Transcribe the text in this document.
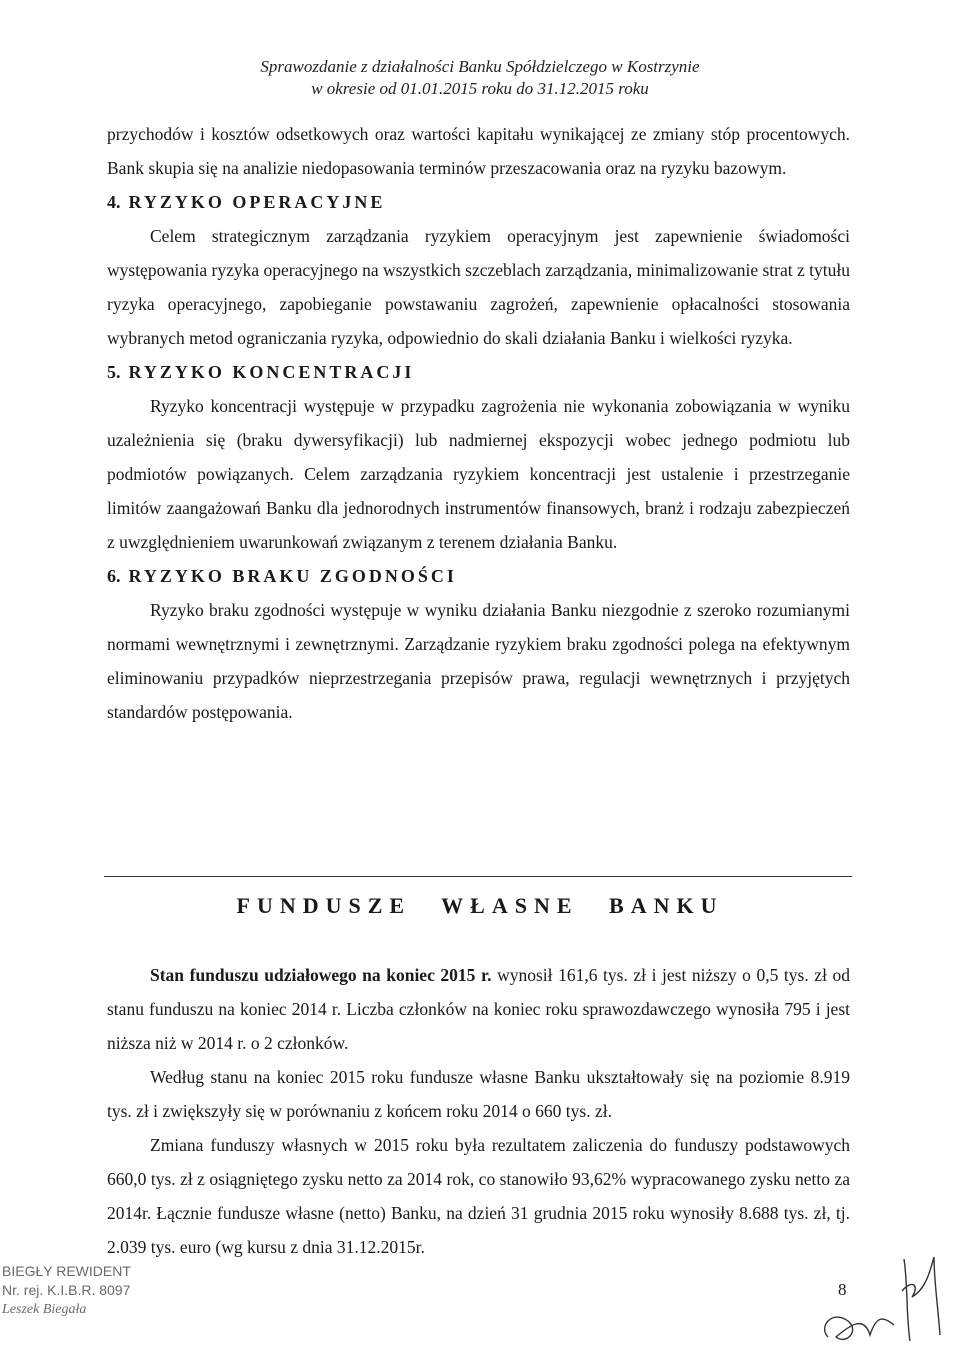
Sprawozdanie z działalności Banku Spółdzielczego w Kostrzynie
w okresie od 01.01.2015 roku do 31.12.2015 roku

przychodów i kosztów odsetkowych oraz wartości kapitału wynikającej ze zmiany stóp procentowych. Bank skupia się na analizie niedopasowania terminów przeszacowania oraz na ryzyku bazowym.

4. RYZYKO OPERACYJNE

Celem strategicznym zarządzania ryzykiem operacyjnym jest zapewnienie świadomości występowania ryzyka operacyjnego na wszystkich szczeblach zarządzania, minimalizowanie strat z tytułu ryzyka operacyjnego, zapobieganie powstawaniu zagrożeń, zapewnienie opłacalności stosowania wybranych metod ograniczania ryzyka, odpowiednio do skali działania Banku i wielkości ryzyka.

5. RYZYKO KONCENTRACJI

Ryzyko koncentracji występuje w przypadku zagrożenia nie wykonania zobowiązania w wyniku uzależnienia się (braku dywersyfikacji) lub nadmiernej ekspozycji wobec jednego podmiotu lub podmiotów powiązanych. Celem zarządzania ryzykiem koncentracji jest ustalenie i przestrzeganie limitów zaangażowań Banku dla jednorodnych instrumentów finansowych, branż i rodzaju zabezpieczeń z uwzględnieniem uwarunkowań związanym z terenem działania Banku.

6. RYZYKO BRAKU ZGODNOŚCI

Ryzyko braku zgodności występuje w wyniku działania Banku niezgodnie z szeroko rozumianymi normami wewnętrznymi i zewnętrznymi. Zarządzanie ryzykiem braku zgodności polega na efektywnym eliminowaniu przypadków nieprzestrzegania przepisów prawa, regulacji wewnętrznych i przyjętych standardów postępowania.

FUNDUSZE WŁASNE BANKU

Stan funduszu udziałowego na koniec 2015 r. wynosił 161,6 tys. zł i jest niższy o 0,5 tys. zł od stanu funduszu na koniec 2014 r. Liczba członków na koniec roku sprawozdawczego wynosiła 795 i jest niższa niż w 2014 r. o 2 członków.

Według stanu na koniec 2015 roku fundusze własne Banku ukształtowały się na poziomie 8.919 tys. zł i zwiększyły się w porównaniu z końcem roku 2014 o 660 tys. zł.

Zmiana funduszy własnych w 2015 roku była rezultatem zaliczenia do funduszy podstawowych 660,0 tys. zł z osiągniętego zysku netto za 2014 rok, co stanowiło 93,62% wypracowanego zysku netto za 2014r. Łącznie fundusze własne (netto) Banku, na dzień 31 grudnia 2015 roku wynosiły 8.688 tys. zł, tj. 2.039 tys. euro (wg kursu z dnia 31.12.2015r.

BIEGŁY REWIDENT
Nr. rej. K.I.B.R. 8097
Leszek Biegała
8
